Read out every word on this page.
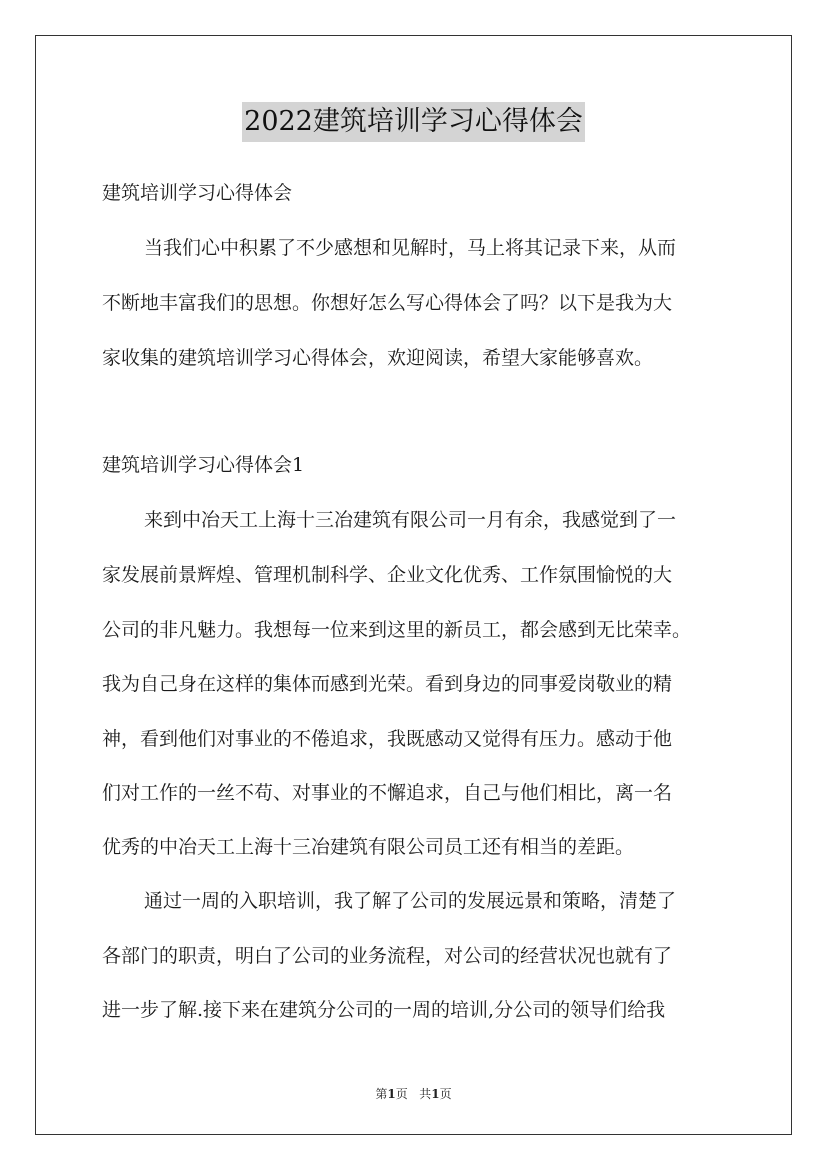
2022建筑培训学习心得体会
建筑培训学习心得体会
当我们心中积累了不少感想和见解时，马上将其记录下来，从而
不断地丰富我们的思想。你想好怎么写心得体会了吗？以下是我为大
家收集的建筑培训学习心得体会，欢迎阅读，希望大家能够喜欢。
建筑培训学习心得体会1
来到中冶天工上海十三冶建筑有限公司一月有余，我感觉到了一
家发展前景辉煌、管理机制科学、企业文化优秀、工作氛围愉悦的大
公司的非凡魅力。我想每一位来到这里的新员工，都会感到无比荣幸。
我为自己身在这样的集体而感到光荣。看到身边的同事爱岗敬业的精
神，看到他们对事业的不倦追求，我既感动又觉得有压力。感动于他
们对工作的一丝不苟、对事业的不懈追求，自己与他们相比，离一名
优秀的中冶天工上海十三冶建筑有限公司员工还有相当的差距。
通过一周的入职培训，我了解了公司的发展远景和策略，清楚了
各部门的职责，明白了公司的业务流程，对公司的经营状况也就有了
进一步了解.接下来在建筑分公司的一周的培训,分公司的领导们给我
第1页 共1页
